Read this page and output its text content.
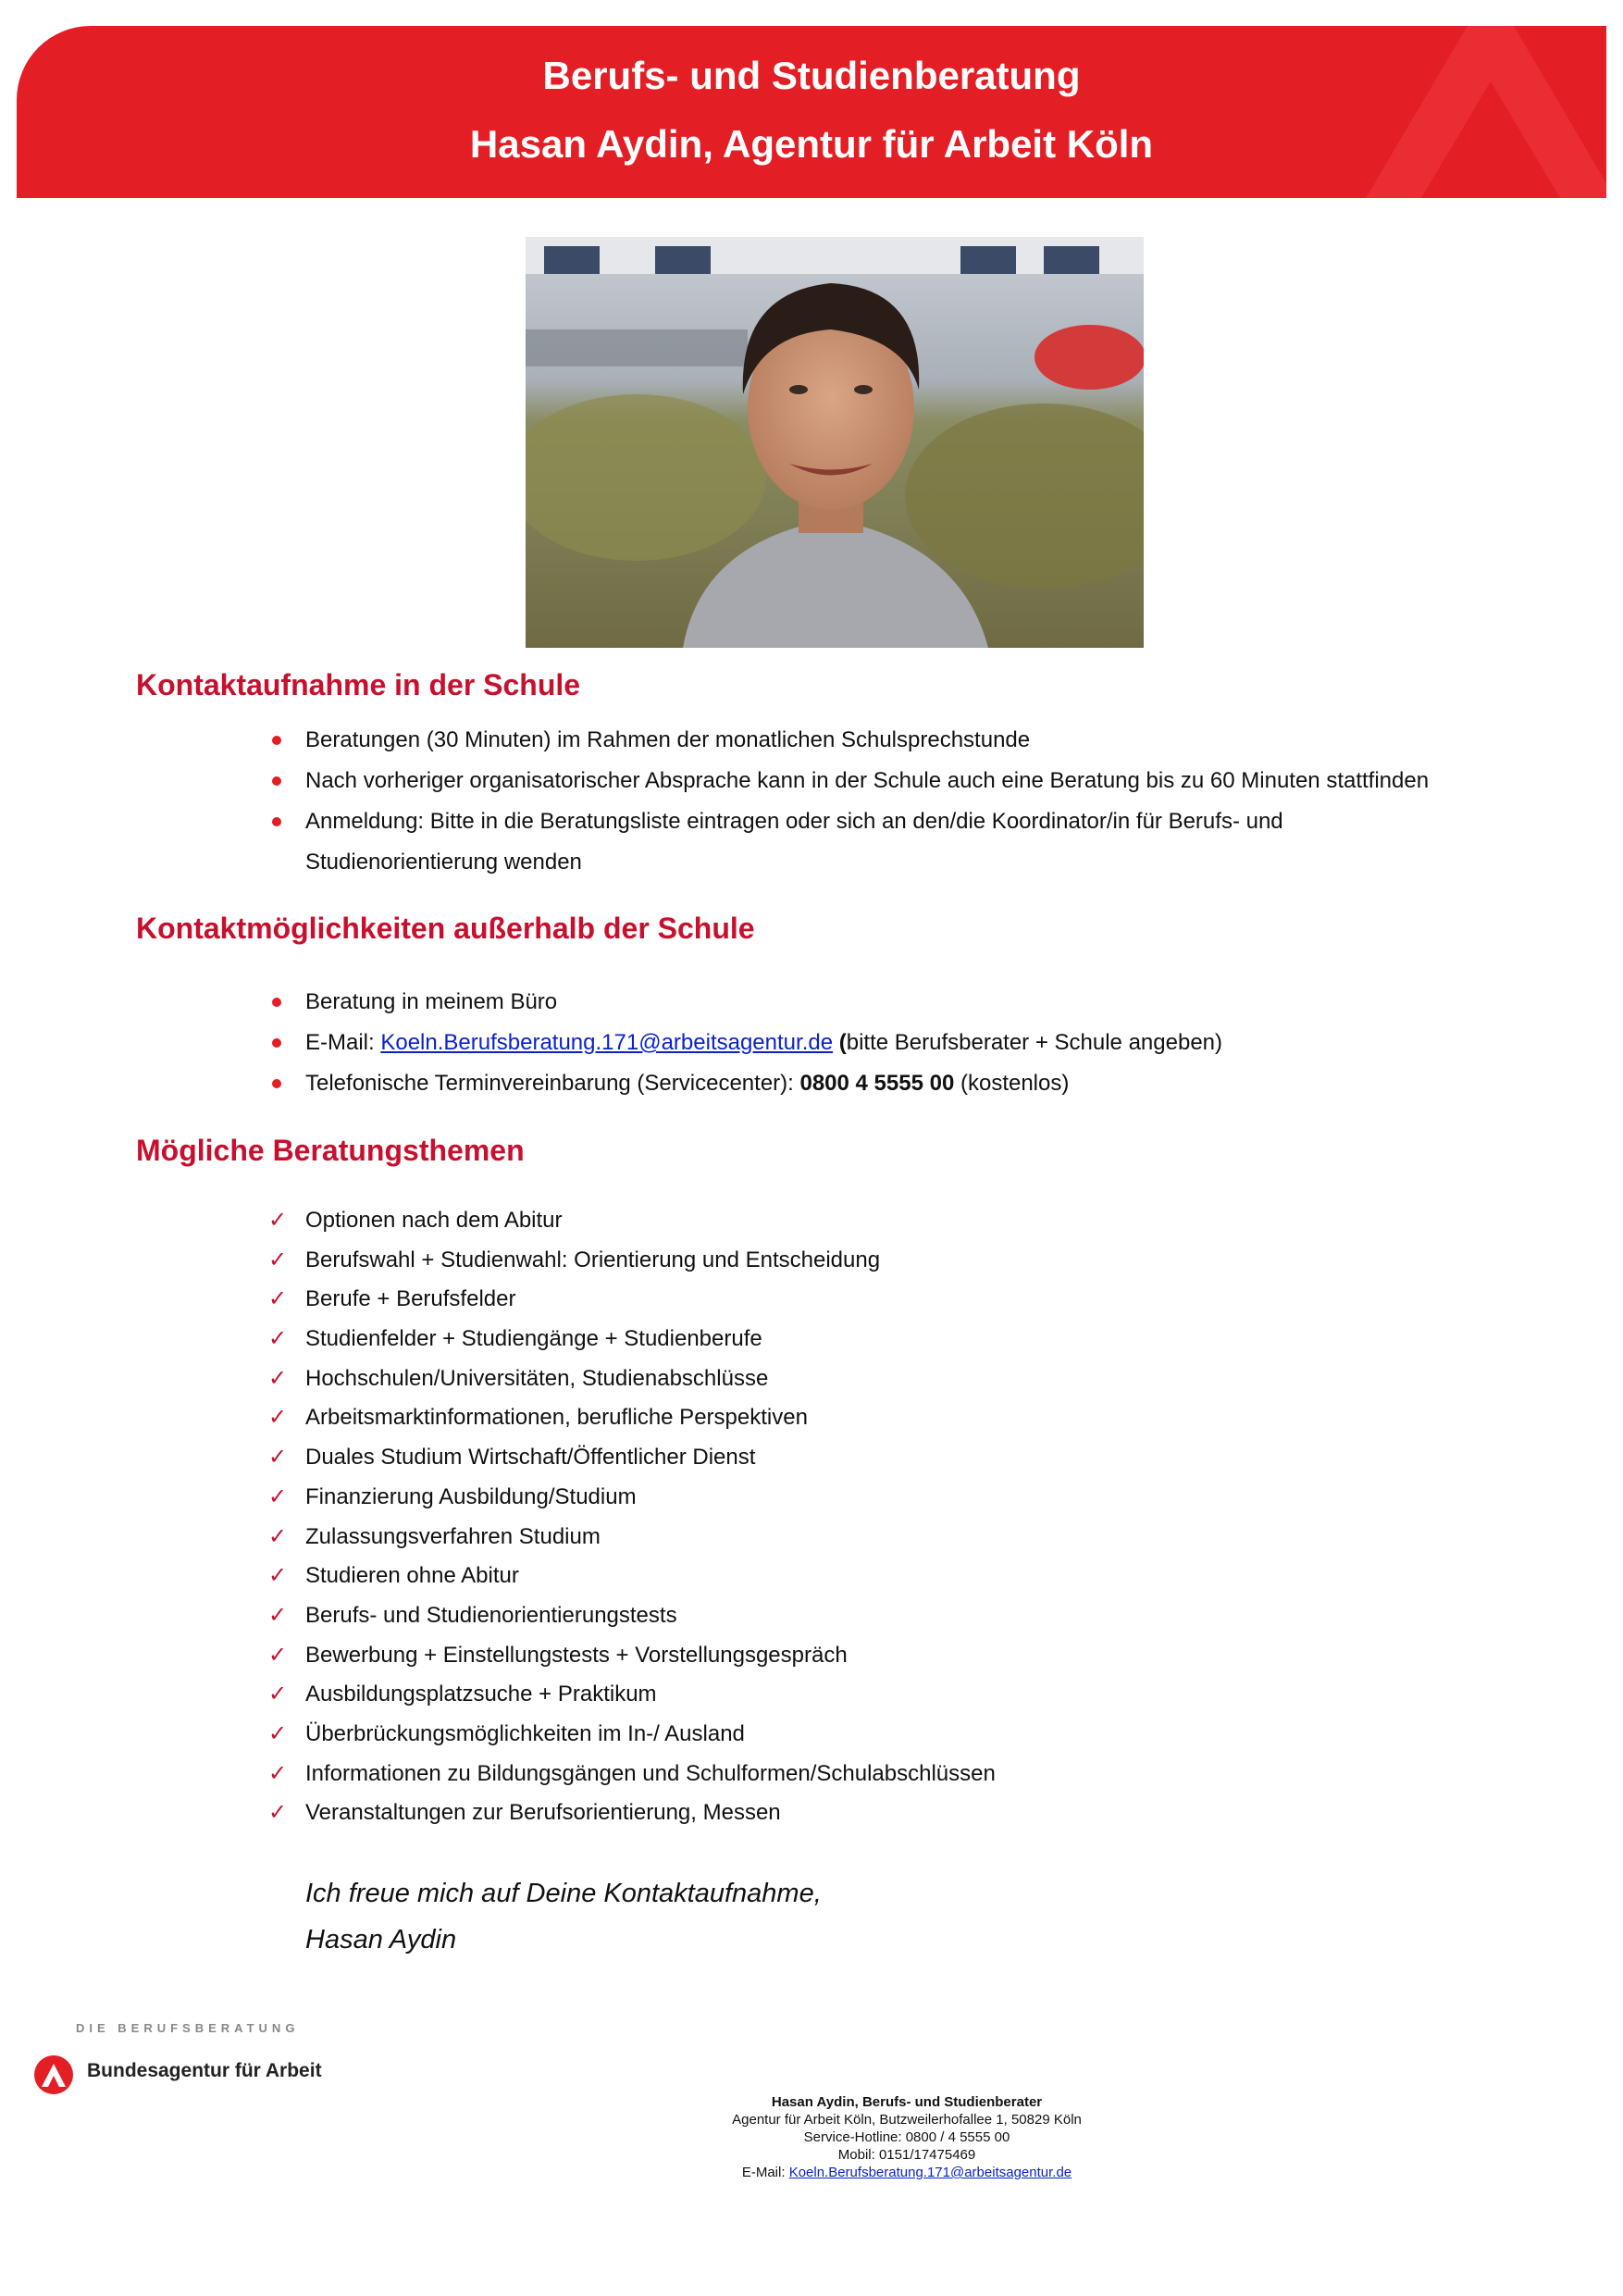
Berufs- und Studienberatung
Hasan Aydin, Agentur für Arbeit Köln
Kontaktaufnahme in der Schule
Beratungen (30 Minuten) im Rahmen der monatlichen Schulsprechstunde
Nach vorheriger organisatorischer Absprache kann in der Schule auch eine Beratung bis zu 60 Minuten stattfinden
Anmeldung: Bitte in die Beratungsliste eintragen oder sich an den/die Koordinator/in für Berufs- und Studienorientierung wenden
Kontaktmöglichkeiten außerhalb der Schule
Beratung in meinem Büro
E-Mail: Koeln.Berufsberatung.171@arbeitsagentur.de (bitte Berufsberater + Schule angeben)
Telefonische Terminvereinbarung (Servicecenter): 0800 4 5555 00 (kostenlos)
Mögliche Beratungsthemen
✓ Optionen nach dem Abitur
✓ Berufswahl + Studienwahl: Orientierung und Entscheidung
✓ Berufe + Berufsfelder
✓ Studienfelder + Studiengänge + Studienberufe
✓ Hochschulen/Universitäten, Studienabschlüsse
✓ Arbeitsmarktinformationen, berufliche Perspektiven
✓ Duales Studium Wirtschaft/Öffentlicher Dienst
✓ Finanzierung Ausbildung/Studium
✓ Zulassungsverfahren Studium
✓ Studieren ohne Abitur
✓ Berufs- und Studienorientierungstests
✓ Bewerbung + Einstellungstests + Vorstellungsgespräch
✓ Ausbildungsplatzsuche + Praktikum
✓ Überbrückungsmöglichkeiten im In-/ Ausland
✓ Informationen zu Bildungsgängen und Schulformen/Schulabschlüssen
✓ Veranstaltungen zur Berufsorientierung, Messen
Ich freue mich auf Deine Kontaktaufnahme,
Hasan Aydin
DIE BERUFSBERATUNG
Bundesagentur für Arbeit
Hasan Aydin, Berufs- und Studienberater
Agentur für Arbeit Köln, Butzweilerhofallee 1, 50829 Köln
Service-Hotline: 0800 / 4 5555 00
Mobil: 0151/17475469
E-Mail: Koeln.Berufsberatung.171@arbeitsagentur.de
